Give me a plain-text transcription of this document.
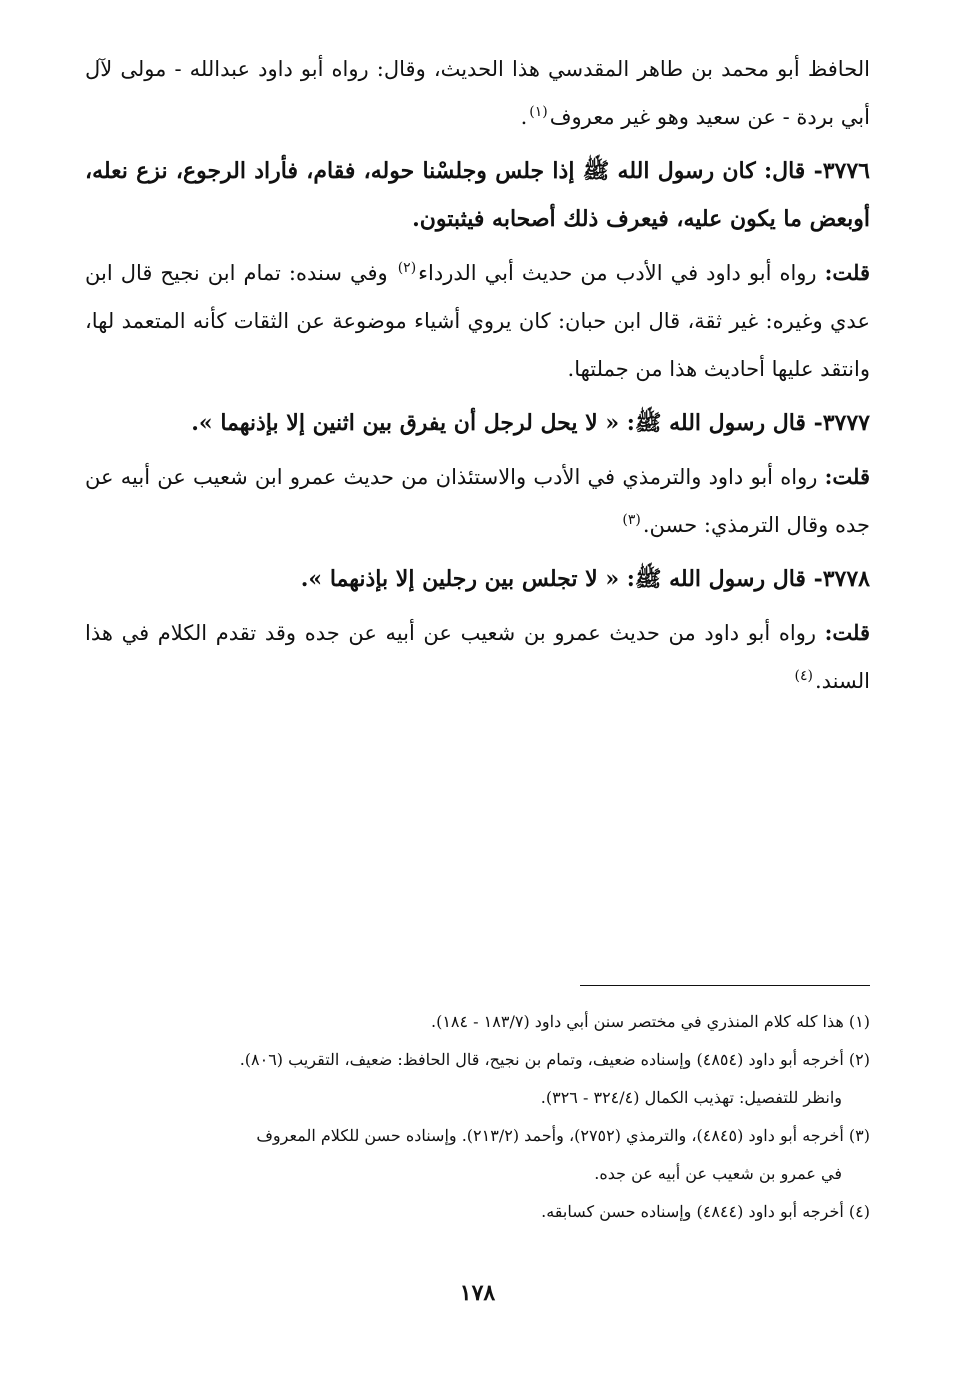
الحافظ أبو محمد بن طاهر المقدسي هذا الحديث، وقال: رواه أبو داود عبدالله - مولى لآل أبي بردة - عن سعيد وهو غير معروف$^{(١)}$.

٣٧٧٦- قال: كان رسول الله ﷺ إذا جلس وجلسْنا حوله، فقام، فأراد الرجوع، نزع نعله، أوبعض ما يكون عليه، فيعرف ذلك أصحابه فيثبتون.

قلت: رواه أبو داود في الأدب من حديث أبي الدرداء$^{(٢)}$ وفي سنده: تمام ابن نجيح قال ابن عدي وغيره: غير ثقة، قال ابن حبان: كان يروي أشياء موضوعة عن الثقات كأنه المتعمد لها، وانتقد عليها أحاديث هذا من جملتها.

٣٧٧٧- قال رسول الله ﷺ: « لا يحل لرجل أن يفرق بين اثنين إلا بإذنهما ».

قلت: رواه أبو داود والترمذي في الأدب والاستئذان من حديث عمرو ابن شعيب عن أبيه عن جده وقال الترمذي: حسن.$^{(٣)}$

٣٧٧٨- قال رسول الله ﷺ: « لا تجلس بين رجلين إلا بإذنهما ».

قلت: رواه أبو داود من حديث عمرو بن شعيب عن أبيه عن جده وقد تقدم الكلام في هذا السند.$^{(٤)}$

(١) هذا كله كلام المنذري في مختصر سنن أبي داود (١٨٣/٧ - ١٨٤).

(٢) أخرجه أبو داود (٤٨٥٤) وإسناده ضعيف، وتمام بن نجيح، قال الحافظ: ضعيف، التقريب (٨٠٦).

وانظر للتفصيل: تهذيب الكمال (٣٢٤/٤ - ٣٢٦).

(٣) أخرجه أبو داود (٤٨٤٥)، والترمذي (٢٧٥٢)، وأحمد (٢١٣/٢). وإسناده حسن للكلام المعروف

في عمرو بن شعيب عن أبيه عن جده.

(٤) أخرجه أبو داود (٤٨٤٤) وإسناده حسن كسابقه.

١٧٨
